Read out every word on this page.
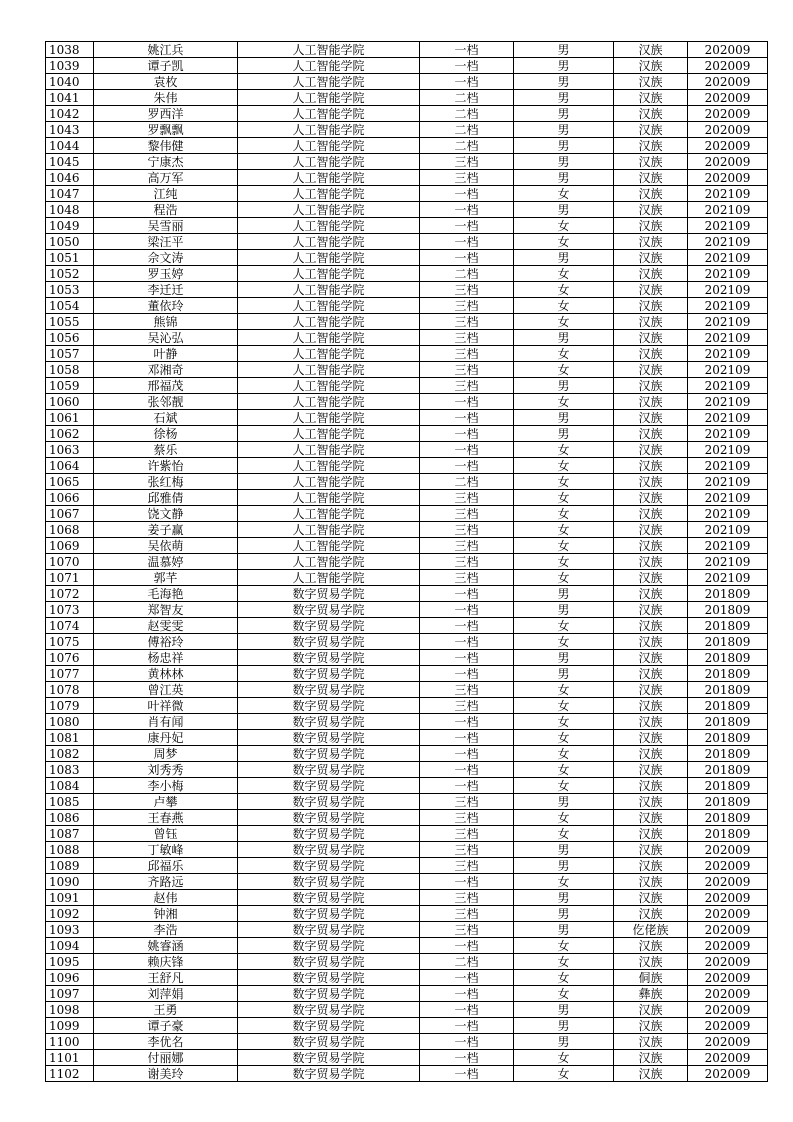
1038	姚江兵	人工智能学院	一档	男	汉族	202009
1039	谭子凯	人工智能学院	一档	男	汉族	202009
1040	袁枚	人工智能学院	一档	男	汉族	202009
1041	朱伟	人工智能学院	二档	男	汉族	202009
1042	罗西洋	人工智能学院	二档	男	汉族	202009
1043	罗飘飘	人工智能学院	二档	男	汉族	202009
1044	黎伟健	人工智能学院	二档	男	汉族	202009
1045	宁康杰	人工智能学院	三档	男	汉族	202009
1046	高万军	人工智能学院	三档	男	汉族	202009
1047	江纯	人工智能学院	一档	女	汉族	202109
1048	程浩	人工智能学院	一档	男	汉族	202109
1049	吴雪丽	人工智能学院	一档	女	汉族	202109
1050	梁汪平	人工智能学院	一档	女	汉族	202109
1051	佘文涛	人工智能学院	一档	男	汉族	202109
1052	罗玉婷	人工智能学院	二档	女	汉族	202109
1053	李迁迁	人工智能学院	三档	女	汉族	202109
1054	董依玲	人工智能学院	三档	女	汉族	202109
1055	熊锦	人工智能学院	三档	女	汉族	202109
1056	吴沁弘	人工智能学院	三档	男	汉族	202109
1057	叶静	人工智能学院	三档	女	汉族	202109
1058	邓湘奇	人工智能学院	三档	女	汉族	202109
1059	邢福茂	人工智能学院	三档	男	汉族	202109
1060	张邻靓	人工智能学院	一档	女	汉族	202109
1061	石斌	人工智能学院	一档	男	汉族	202109
1062	徐杨	人工智能学院	一档	男	汉族	202109
1063	蔡乐	人工智能学院	一档	女	汉族	202109
1064	许紫怡	人工智能学院	一档	女	汉族	202109
1065	张红梅	人工智能学院	二档	女	汉族	202109
1066	邱雅倩	人工智能学院	三档	女	汉族	202109
1067	饶文静	人工智能学院	三档	女	汉族	202109
1068	姜子赢	人工智能学院	三档	女	汉族	202109
1069	吴依萌	人工智能学院	三档	女	汉族	202109
1070	温慕婷	人工智能学院	三档	女	汉族	202109
1071	郭芊	人工智能学院	三档	女	汉族	202109
1072	毛海艳	数字贸易学院	一档	男	汉族	201809
1073	郑智友	数字贸易学院	一档	男	汉族	201809
1074	赵雯雯	数字贸易学院	一档	女	汉族	201809
1075	傅裕玲	数字贸易学院	一档	女	汉族	201809
1076	杨忠祥	数字贸易学院	一档	男	汉族	201809
1077	黄林林	数字贸易学院	一档	男	汉族	201809
1078	曾江英	数字贸易学院	三档	女	汉族	201809
1079	叶祥微	数字贸易学院	三档	女	汉族	201809
1080	肖有闻	数字贸易学院	一档	女	汉族	201809
1081	康丹妃	数字贸易学院	一档	女	汉族	201809
1082	周梦	数字贸易学院	一档	女	汉族	201809
1083	刘秀秀	数字贸易学院	一档	女	汉族	201809
1084	李小梅	数字贸易学院	一档	女	汉族	201809
1085	卢攀	数字贸易学院	三档	男	汉族	201809
1086	王春燕	数字贸易学院	三档	女	汉族	201809
1087	曾钰	数字贸易学院	三档	女	汉族	201809
1088	丁敏峰	数字贸易学院	三档	男	汉族	202009
1089	邱福乐	数字贸易学院	三档	男	汉族	202009
1090	齐路远	数字贸易学院	一档	女	汉族	202009
1091	赵伟	数字贸易学院	三档	男	汉族	202009
1092	钟湘	数字贸易学院	三档	男	汉族	202009
1093	李浩	数字贸易学院	三档	男	仡佬族	202009
1094	姚睿涵	数字贸易学院	一档	女	汉族	202009
1095	赖庆锋	数字贸易学院	二档	女	汉族	202009
1096	王舒凡	数字贸易学院	一档	女	侗族	202009
1097	刘萍娟	数字贸易学院	一档	女	彝族	202009
1098	王勇	数字贸易学院	一档	男	汉族	202009
1099	谭子豪	数字贸易学院	一档	男	汉族	202009
1100	李优名	数字贸易学院	一档	男	汉族	202009
1101	付丽娜	数字贸易学院	一档	女	汉族	202009
1102	谢美玲	数字贸易学院	一档	女	汉族	202009
